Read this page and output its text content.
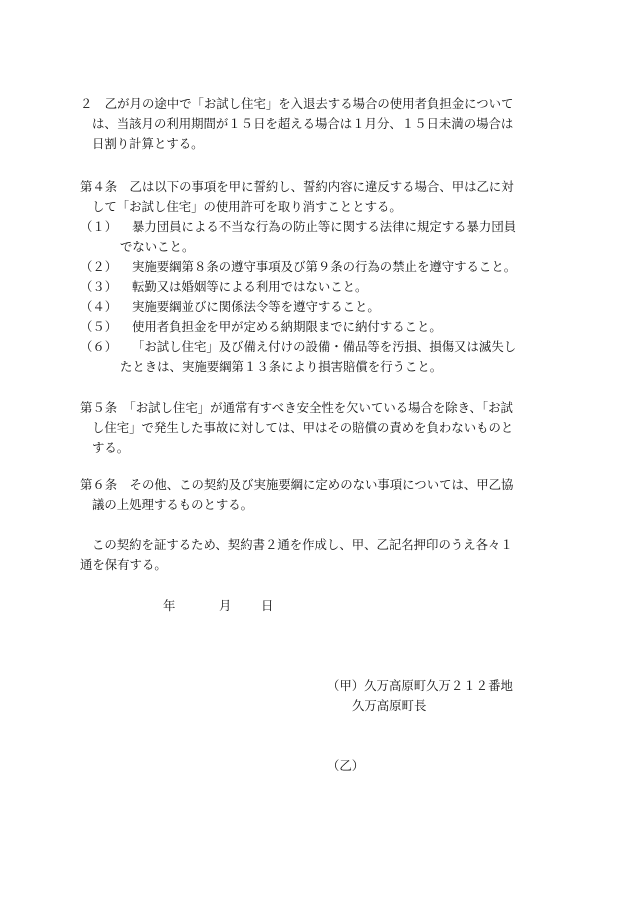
２　乙が月の途中で「お試し住宅」を入退去する場合の使用者負担金について
は、当該月の利用期間が１５日を超える場合は１月分、１５日未満の場合は
日割り計算とする。
第４条　乙は以下の事項を甲に誓約し、誓約内容に違反する場合、甲は乙に対
して「お試し住宅」の使用許可を取り消すこととする。
（１）	暴力団員による不当な行為の防止等に関する法律に規定する暴力団員
でないこと。
（２）	実施要綱第８条の遵守事項及び第９条の行為の禁止を遵守すること。
（３）	転勤又は婚姻等による利用ではないこと。
（４）	実施要綱並びに関係法令等を遵守すること。
（５）	使用者負担金を甲が定める納期限までに納付すること。
（６）	「お試し住宅」及び備え付けの設備・備品等を汚損、損傷又は滅失し
たときは、実施要綱第１３条により損害賠償を行うこと。
第５条　「お試し住宅」が通常有すべき安全性を欠いている場合を除き、「お試
し住宅」で発生した事故に対しては、甲はその賠償の責めを負わないものと
する。
第６条　その他、この契約及び実施要綱に定めのない事項については、甲乙協
議の上処理するものとする。
この契約を証するため、契約書２通を作成し、甲、乙記名押印のうえ各々１
通を保有する。
年	月 日
（甲）久万高原町久万２１２番地
久万高原町長
（乙）
